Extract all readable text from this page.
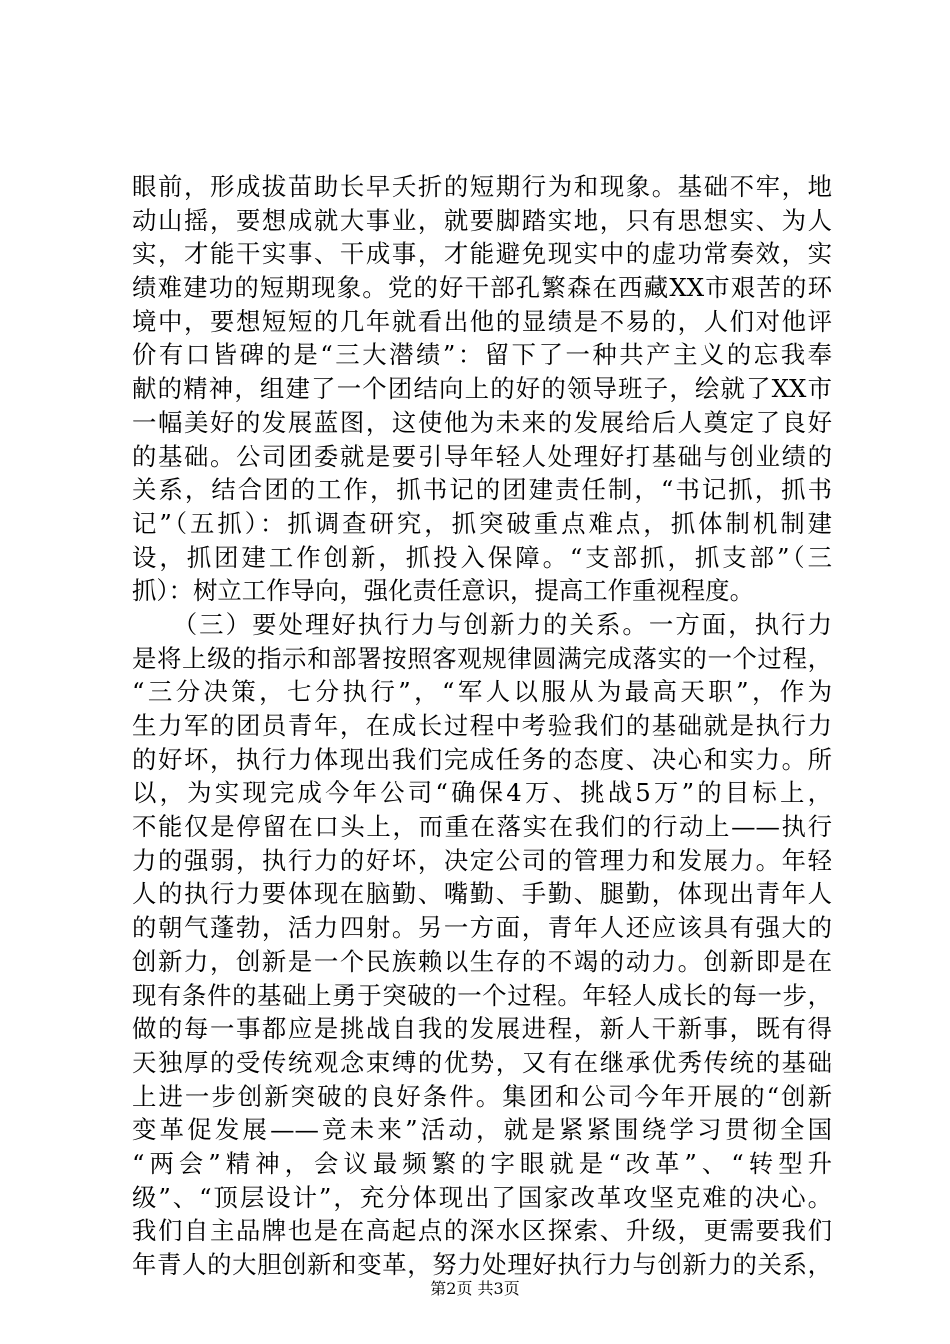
眼前，形成拔苗助长早夭折的短期行为和现象。基础不牢，地
动山摇，要想成就大事业，就要脚踏实地，只有思想实、为人
实，才能干实事、干成事，才能避免现实中的虚功常奏效，实
绩难建功的短期现象。党的好干部孔繁森在西藏XX市艰苦的环
境中，要想短短的几年就看出他的显绩是不易的，人们对他评
价有口皆碑的是“三大潜绩”：留下了一种共产主义的忘我奉
献的精神，组建了一个团结向上的好的领导班子，绘就了XX市
一幅美好的发展蓝图，这使他为未来的发展给后人奠定了良好
的基础。公司团委就是要引导年轻人处理好打基础与创业绩的
关系，结合团的工作，抓书记的团建责任制，“书记抓，抓书
记”（五抓）：抓调查研究，抓突破重点难点，抓体制机制建
设，抓团建工作创新，抓投入保障。“支部抓，抓支部”（三
抓）：树立工作导向，强化责任意识，提高工作重视程度。
　　（三）要处理好执行力与创新力的关系。一方面，执行力
是将上级的指示和部署按照客观规律圆满完成落实的一个过程，
“三分决策，七分执行”，“军人以服从为最高天职”，作为
生力军的团员青年，在成长过程中考验我们的基础就是执行力
的好坏，执行力体现出我们完成任务的态度、决心和实力。所
以，为实现完成今年公司“确保4万、挑战5万”的目标上，
不能仅是停留在口头上，而重在落实在我们的行动上——执行
力的强弱，执行力的好坏，决定公司的管理力和发展力。年轻
人的执行力要体现在脑勤、嘴勤、手勤、腿勤，体现出青年人
的朝气蓬勃，活力四射。另一方面，青年人还应该具有强大的
创新力，创新是一个民族赖以生存的不竭的动力。创新即是在
现有条件的基础上勇于突破的一个过程。年轻人成长的每一步，
做的每一事都应是挑战自我的发展进程，新人干新事，既有得
天独厚的受传统观念束缚的优势，又有在继承优秀传统的基础
上进一步创新突破的良好条件。集团和公司今年开展的“创新
变革促发展——竞未来”活动，就是紧紧围绕学习贯彻全国
“两会”精神，会议最频繁的字眼就是“改革”、“转型升
级”、“顶层设计”，充分体现出了国家改革攻坚克难的决心。
我们自主品牌也是在高起点的深水区探索、升级，更需要我们
年青人的大胆创新和变革，努力处理好执行力与创新力的关系，
第2页 共3页
